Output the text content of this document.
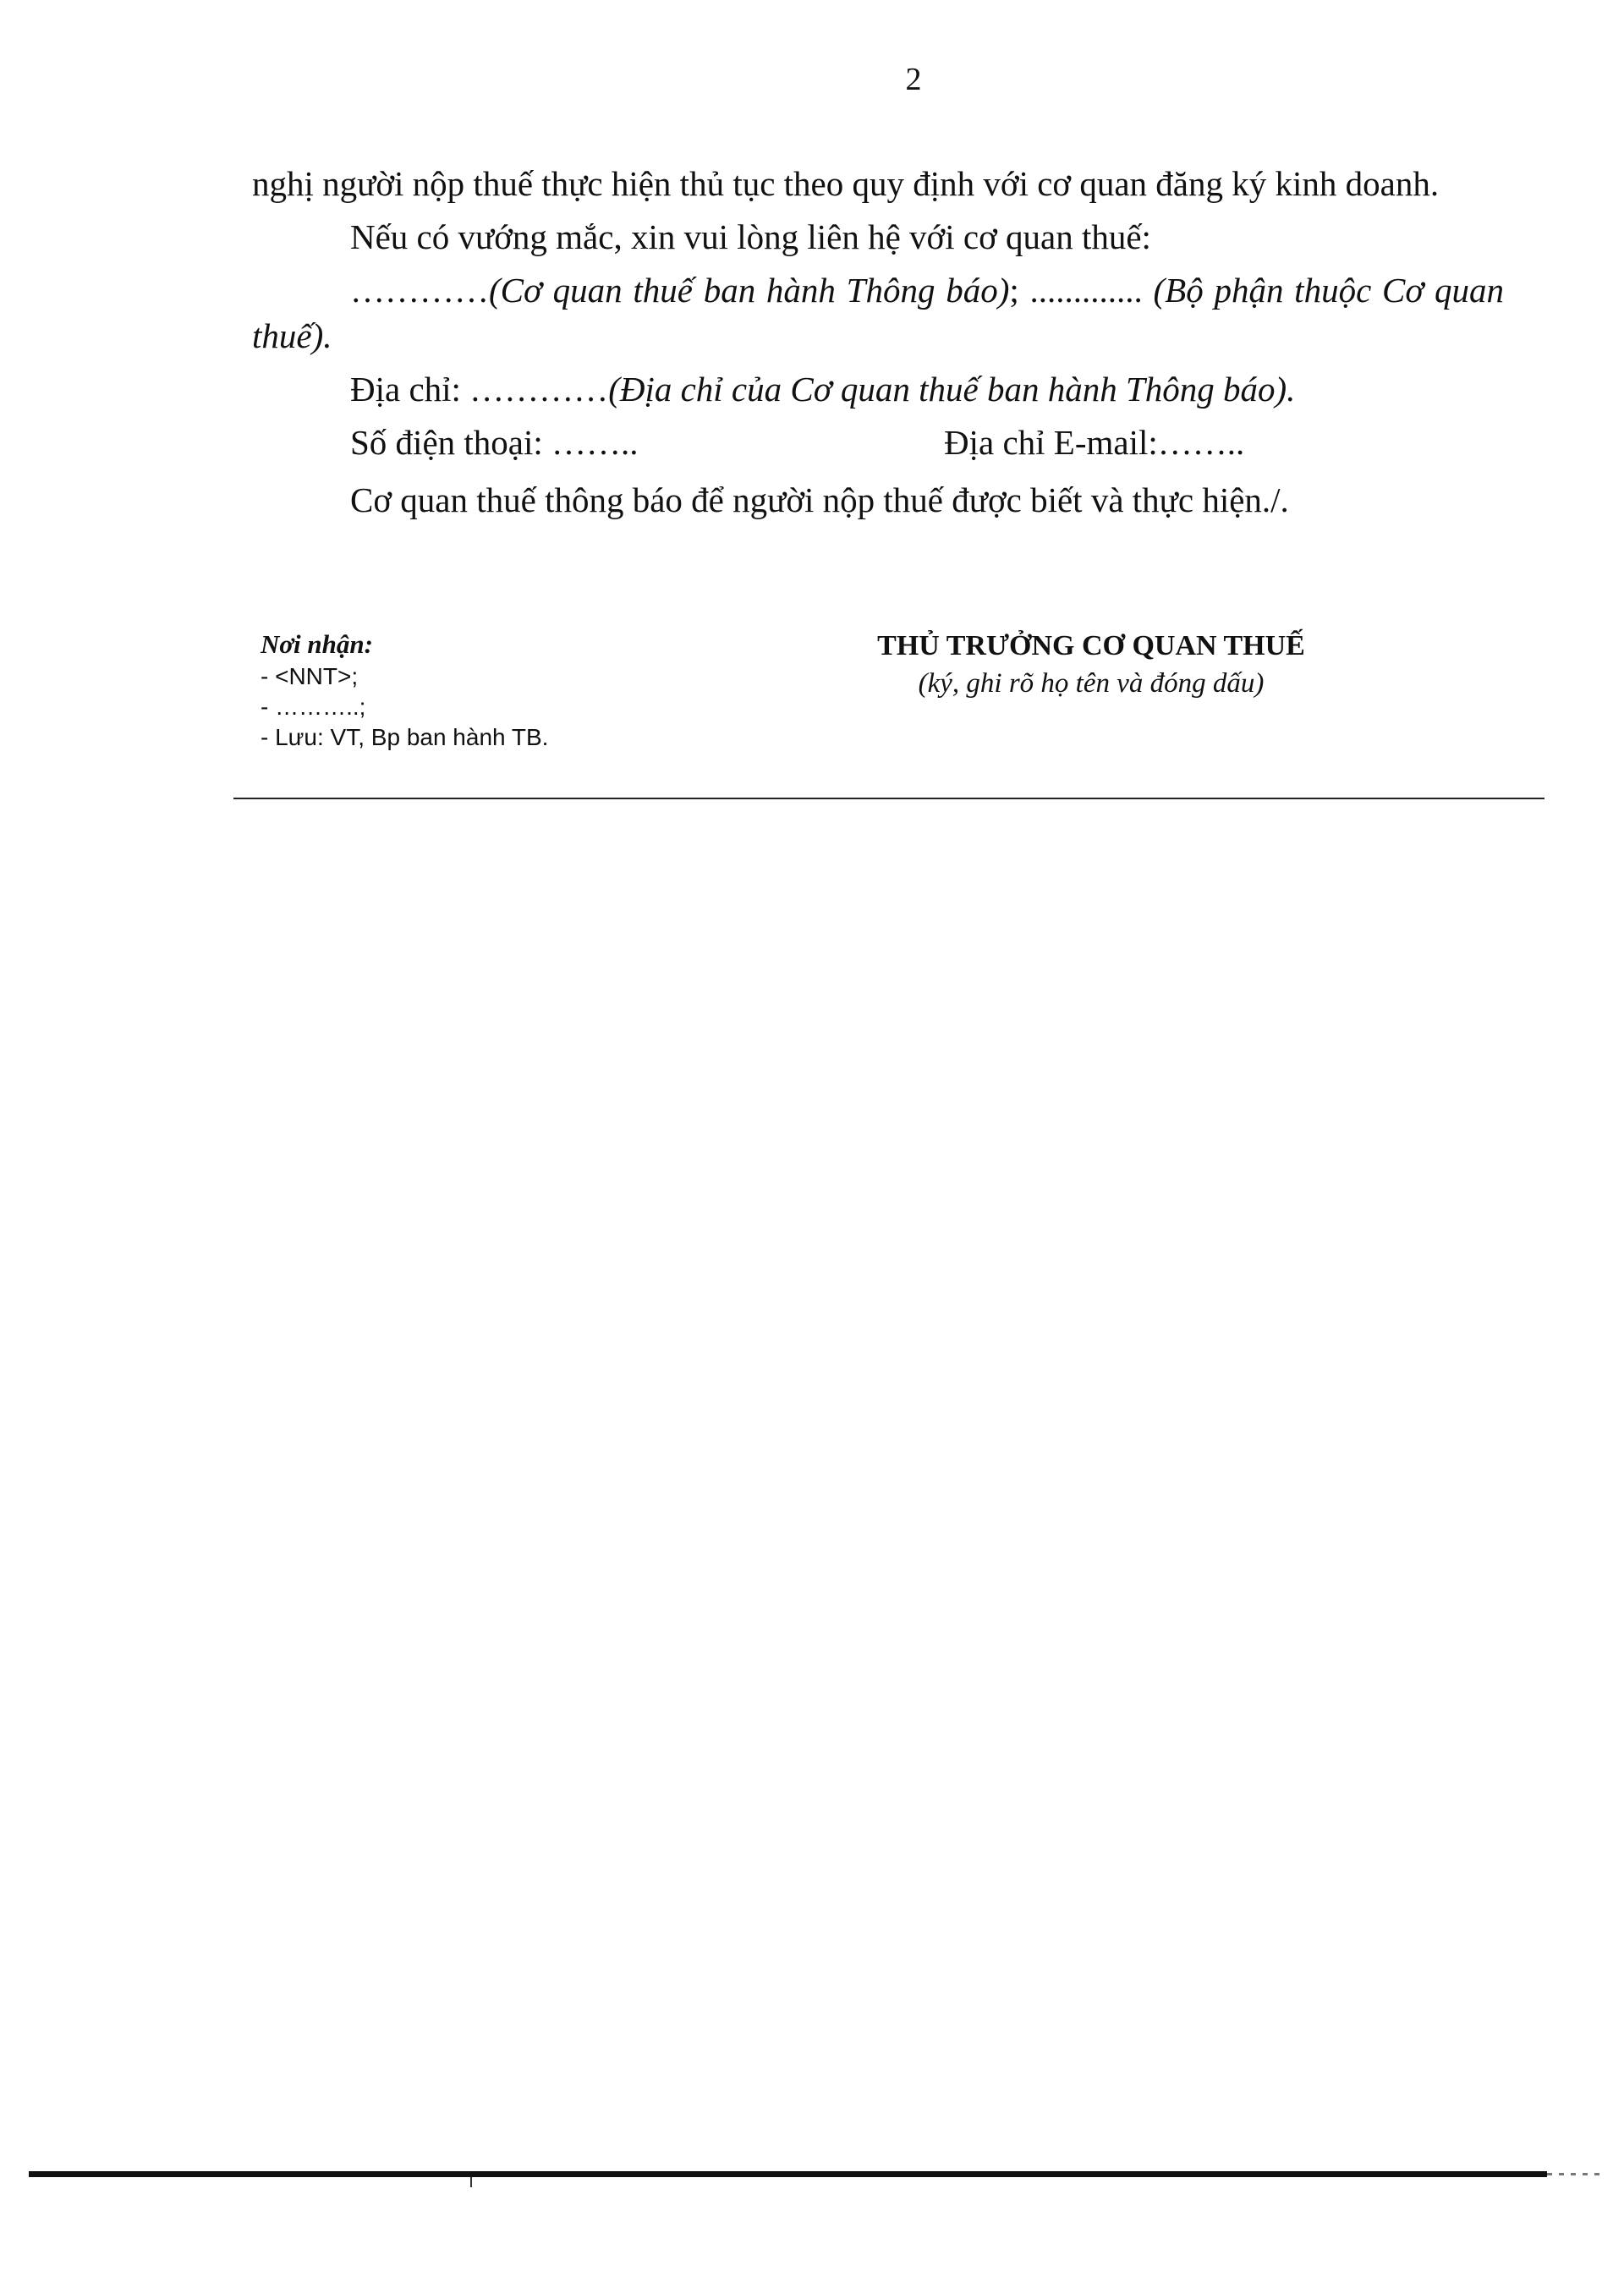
2

nghị người nộp thuế thực hiện thủ tục theo quy định với cơ quan đăng ký kinh doanh.

Nếu có vướng mắc, xin vui lòng liên hệ với cơ quan thuế:

…………(Cơ quan thuế ban hành Thông báo); ............. (Bộ phận thuộc Cơ quan thuế).

Địa chỉ: …………(Địa chỉ của Cơ quan thuế ban hành Thông báo).

Số điện thoại: ……..	Địa chỉ E-mail:……..

Cơ quan thuế thông báo để người nộp thuế được biết và thực hiện./.

Nơi nhận:
- <NNT>;
- ………..;
- Lưu: VT, Bp ban hành TB.
THỦ TRƯỞNG CƠ QUAN THUẾ
(ký, ghi rõ họ tên và đóng dấu)
